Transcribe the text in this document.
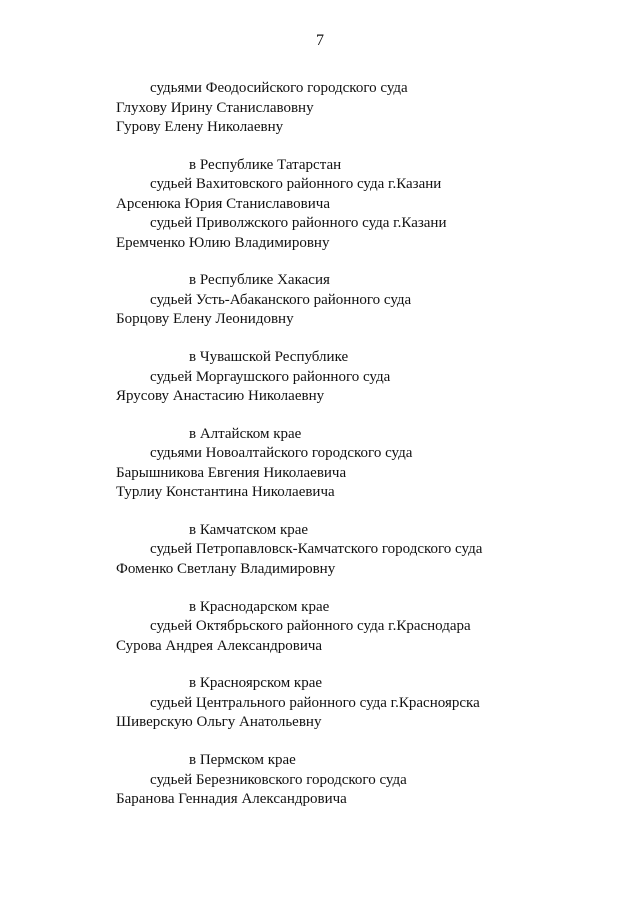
7
судьями Феодосийского городского суда
Глухову Ирину Станиславовну
Гурову Елену Николаевну
в Республике Татарстан
судьей Вахитовского районного суда г.Казани
Арсенюка Юрия Станиславовича
судьей Приволжского районного суда г.Казани
Еремченко Юлию Владимировну
в Республике Хакасия
судьей Усть-Абаканского районного суда
Борцову Елену Леонидовну
в Чувашской Республике
судьей Моргаушского районного суда
Ярусову Анастасию Николаевну
в Алтайском крае
судьями Новоалтайского городского суда
Барышникова Евгения Николаевича
Турлиу Константина Николаевича
в Камчатском крае
судьей Петропавловск-Камчатского городского суда
Фоменко Светлану Владимировну
в Краснодарском крае
судьей Октябрьского районного суда г.Краснодара
Сурова Андрея Александровича
в Красноярском крае
судьей Центрального районного суда г.Красноярска
Шиверскую Ольгу Анатольевну
в Пермском крае
судьей Березниковского городского суда
Баранова Геннадия Александровича
